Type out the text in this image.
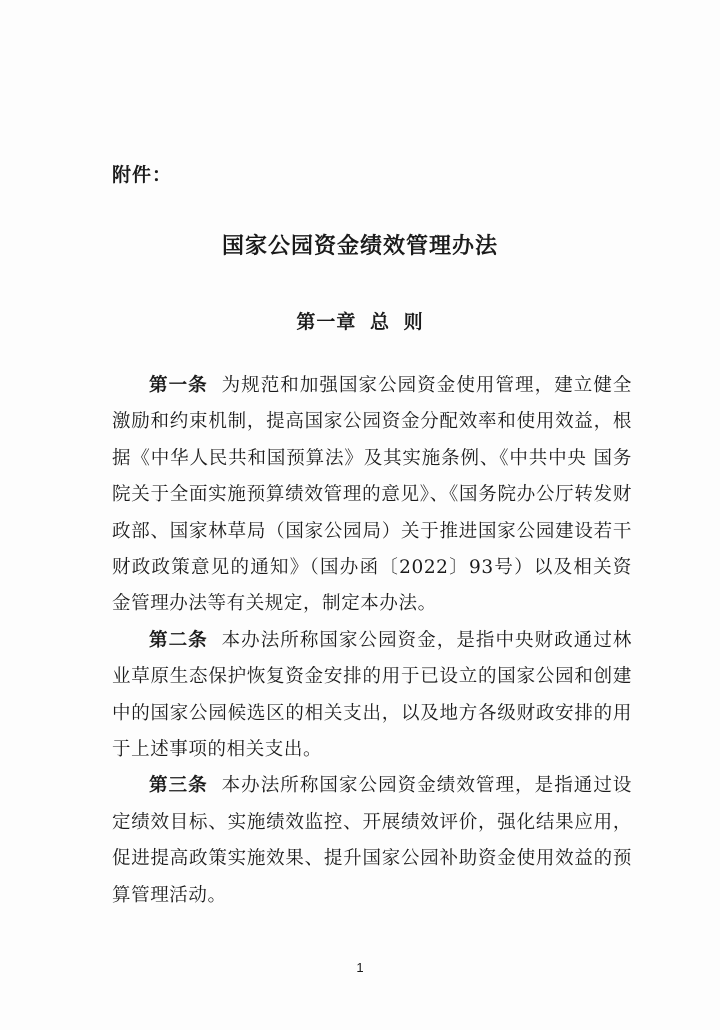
附件：
国家公园资金绩效管理办法
第一章 总 则

第一条 为规范和加强国家公园资金使用管理，建立健全激励和约束机制，提高国家公园资金分配效率和使用效益，根据《中华人民共和国预算法》及其实施条例、《中共中央 国务院关于全面实施预算绩效管理的意见》、《国务院办公厅转发财政部、国家林草局（国家公园局）关于推进国家公园建设若干财政政策意见的通知》（国办函〔2022〕93号）以及相关资金管理办法等有关规定，制定本办法。

第二条 本办法所称国家公园资金，是指中央财政通过林业草原生态保护恢复资金安排的用于已设立的国家公园和创建中的国家公园候选区的相关支出，以及地方各级财政安排的用于上述事项的相关支出。

第三条 本办法所称国家公园资金绩效管理，是指通过设定绩效目标、实施绩效监控、开展绩效评价，强化结果应用，促进提高政策实施效果、提升国家公园补助资金使用效益的预算管理活动。

1
